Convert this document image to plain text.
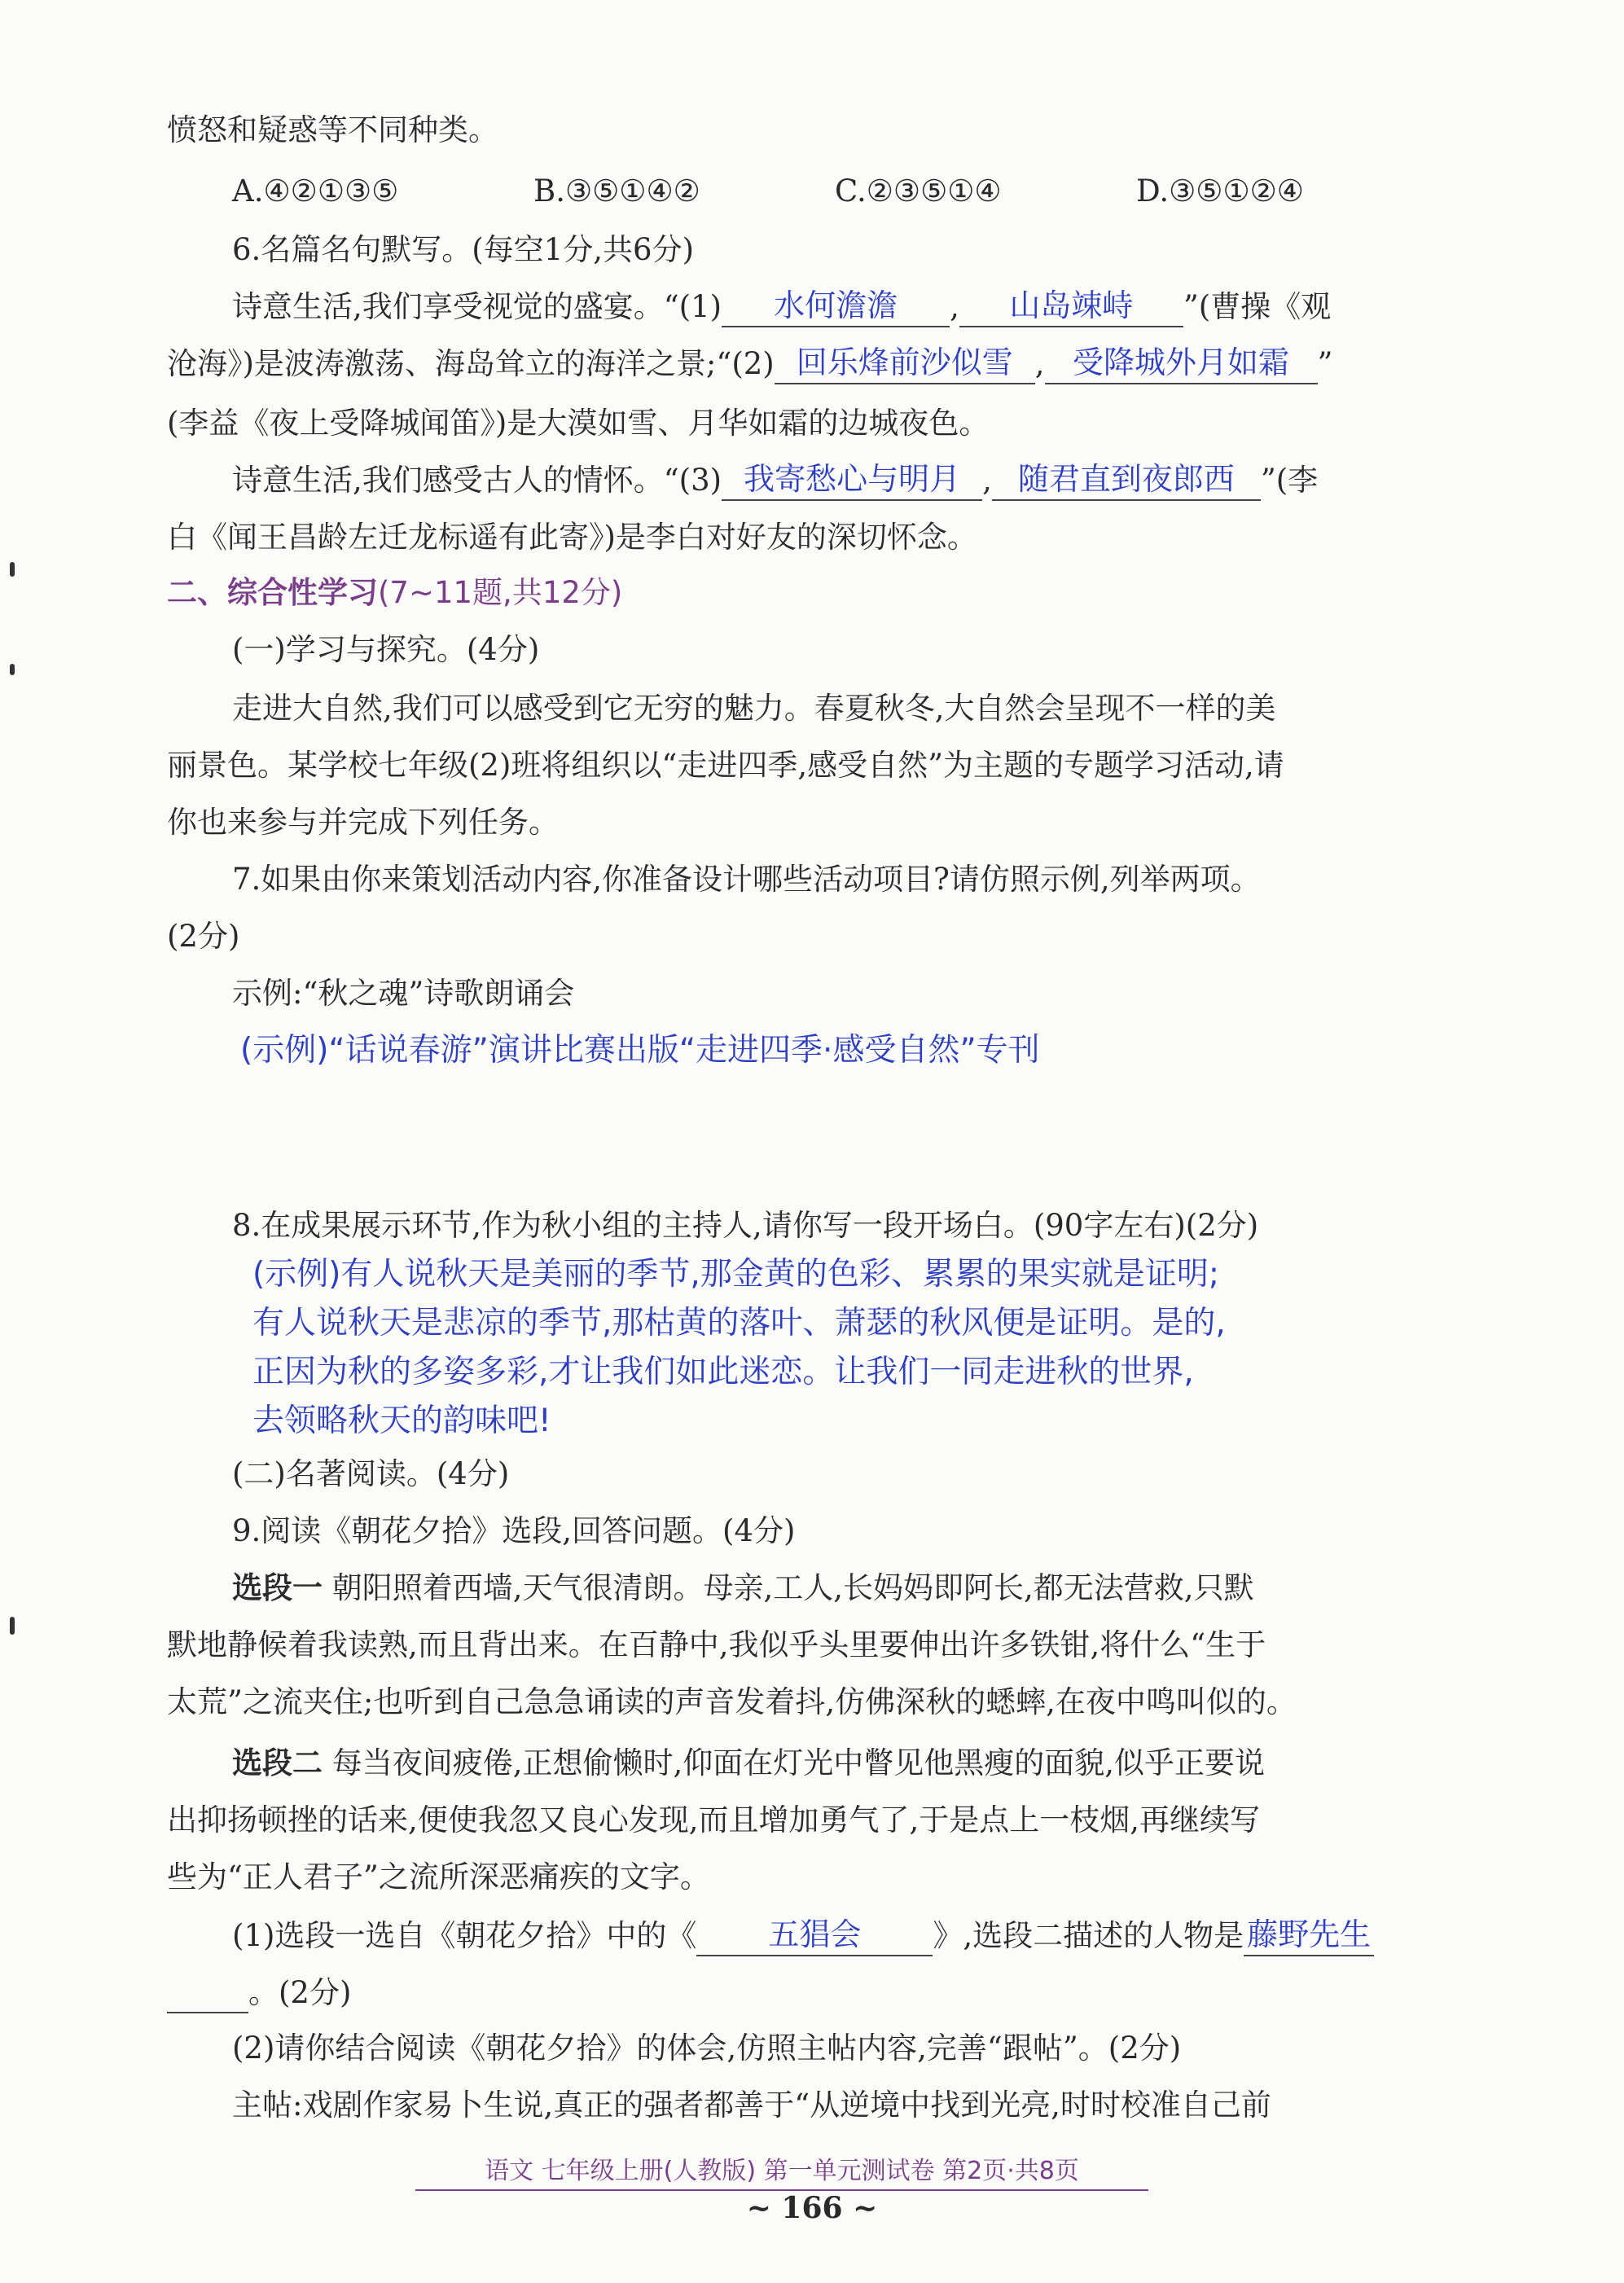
愤怒和疑惑等不同种类。
A.④②①③⑤	B.③⑤①④②	C.②③⑤①④	D.③⑤①②④
6.名篇名句默写。(每空1分,共6分)
诗意生活,我们享受视觉的盛宴。“(1) 水何澹澹 , 山岛竦峙 ”(曹操《观
沧海》)是波涛激荡、海岛耸立的海洋之景;“(2) 回乐烽前沙似雪 , 受降城外月如霜 ”
(李益《夜上受降城闻笛》)是大漠如雪、月华如霜的边城夜色。
诗意生活,我们感受古人的情怀。“(3) 我寄愁心与明月 , 随君直到夜郎西 ”(李
白《闻王昌龄左迁龙标遥有此寄》)是李白对好友的深切怀念。
二、综合性学习(7~11题,共12分)
(一)学习与探究。(4分)
走进大自然,我们可以感受到它无穷的魅力。春夏秋冬,大自然会呈现不一样的美
丽景色。某学校七年级(2)班将组织以“走进四季,感受自然”为主题的专题学习活动,请
你也来参与并完成下列任务。
7.如果由你来策划活动内容,你准备设计哪些活动项目?请仿照示例,列举两项。
(2分)
示例:“秋之魂”诗歌朗诵会
(示例)“话说春游”演讲比赛出版“走进四季·感受自然”专刊
8.在成果展示环节,作为秋小组的主持人,请你写一段开场白。(90字左右)(2分)
(示例)有人说秋天是美丽的季节,那金黄的色彩、累累的果实就是证明;
有人说秋天是悲凉的季节,那枯黄的落叶、萧瑟的秋风便是证明。是的,
正因为秋的多姿多彩,才让我们如此迷恋。让我们一同走进秋的世界,
去领略秋天的韵味吧!
(二)名著阅读。(4分)
9.阅读《朝花夕拾》选段,回答问题。(4分)
选段一 朝阳照着西墙,天气很清朗。母亲,工人,长妈妈即阿长,都无法营救,只默
默地静候着我读熟,而且背出来。在百静中,我似乎头里要伸出许多铁钳,将什么“生于
太荒”之流夹住;也听到自己急急诵读的声音发着抖,仿佛深秋的蟋蟀,在夜中鸣叫似的。
选段二 每当夜间疲倦,正想偷懒时,仰面在灯光中瞥见他黑瘦的面貌,似乎正要说
出抑扬顿挫的话来,便使我忽又良心发现,而且增加勇气了,于是点上一枝烟,再继续写
些为“正人君子”之流所深恶痛疾的文字。
(1)选段一选自《朝花夕拾》中的《 五猖会 》,选段二描述的人物是 藤野先生
。(2分)
(2)请你结合阅读《朝花夕拾》的体会,仿照主帖内容,完善“跟帖”。(2分)
主帖:戏剧作家易卜生说,真正的强者都善于“从逆境中找到光亮,时时校准自己前
语文 七年级上册(人教版) 第一单元测试卷 第2页·共8页
~ 166 ~
